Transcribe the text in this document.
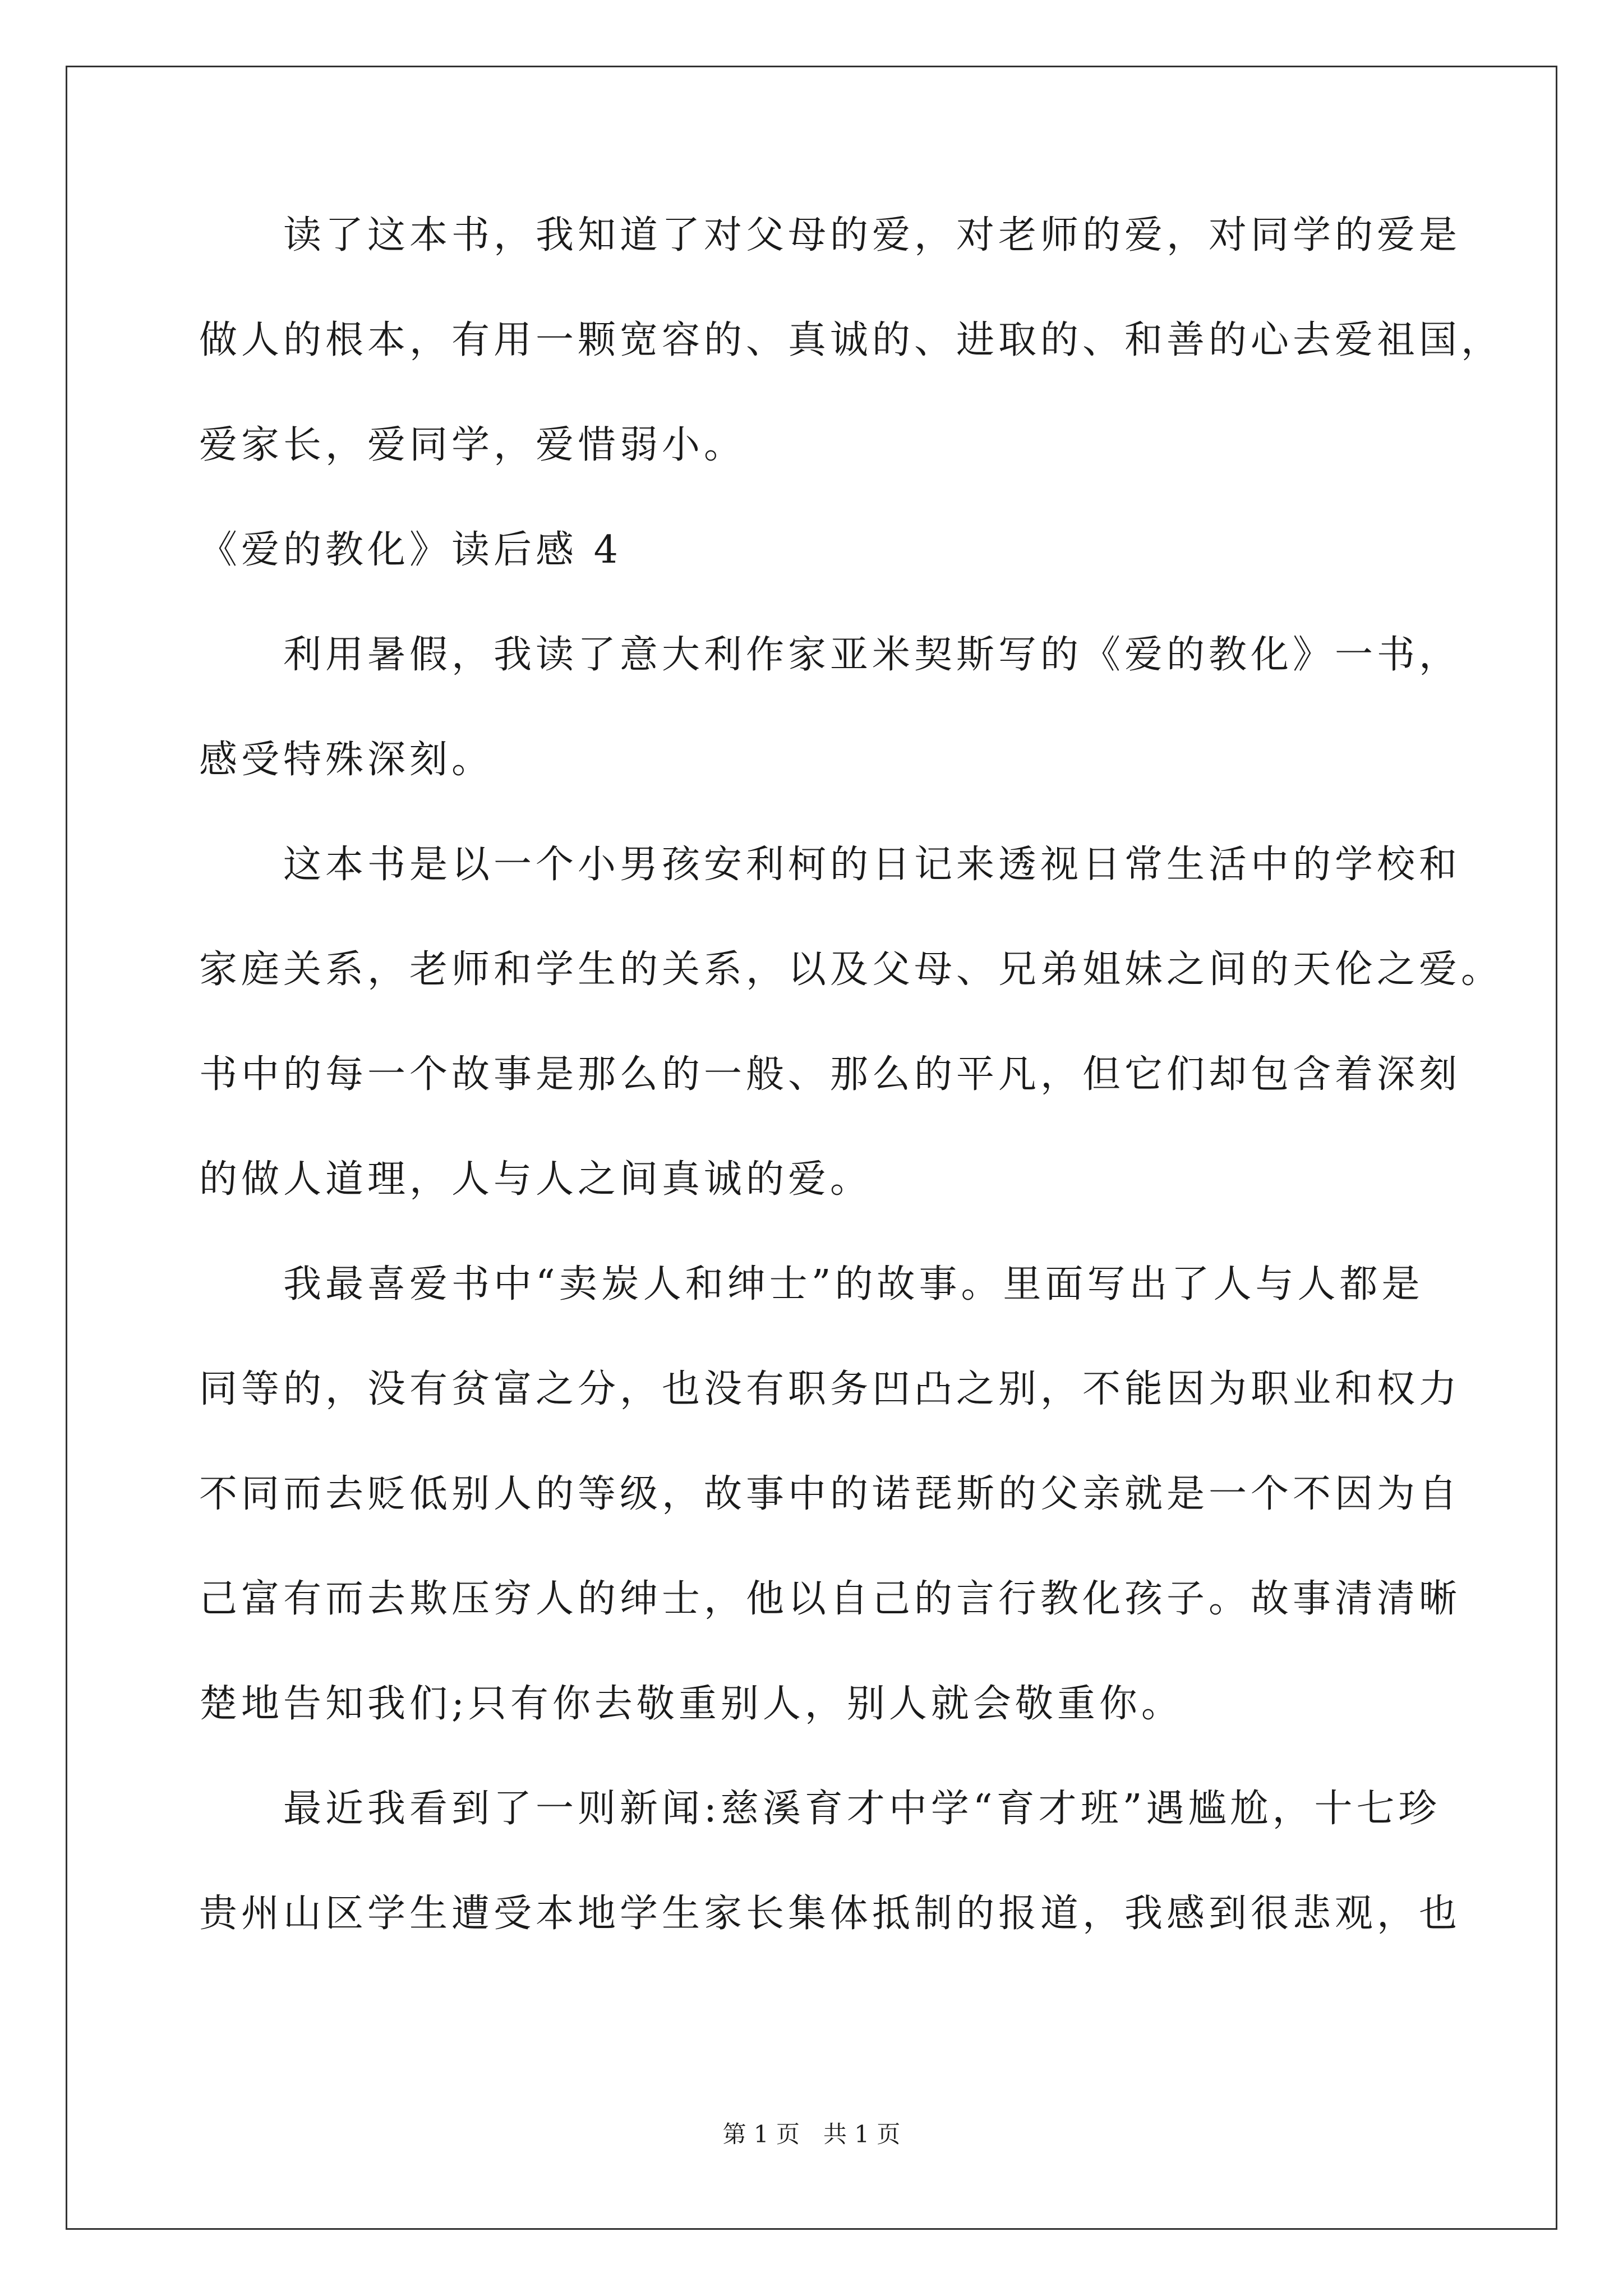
　　读了这本书，我知道了对父母的爱，对老师的爱，对同学的爱是
做人的根本，有用一颗宽容的、真诚的、进取的、和善的心去爱祖国，
爱家长，爱同学，爱惜弱小。
《爱的教化》读后感 4
　　利用暑假，我读了意大利作家亚米契斯写的《爱的教化》一书，
感受特殊深刻。
　　这本书是以一个小男孩安利柯的日记来透视日常生活中的学校和
家庭关系，老师和学生的关系，以及父母、兄弟姐妹之间的天伦之爱。
书中的每一个故事是那么的一般、那么的平凡，但它们却包含着深刻
的做人道理，人与人之间真诚的爱。
　　我最喜爱书中“卖炭人和绅士”的故事。里面写出了人与人都是
同等的，没有贫富之分，也没有职务凹凸之别，不能因为职业和权力
不同而去贬低别人的等级，故事中的诺琵斯的父亲就是一个不因为自
己富有而去欺压穷人的绅士，他以自己的言行教化孩子。故事清清晰
楚地告知我们;只有你去敬重别人，别人就会敬重你。
　　最近我看到了一则新闻:慈溪育才中学“育才班”遇尴尬，十七珍
贵州山区学生遭受本地学生家长集体抵制的报道，我感到很悲观，也
第 1 页　共 1 页
